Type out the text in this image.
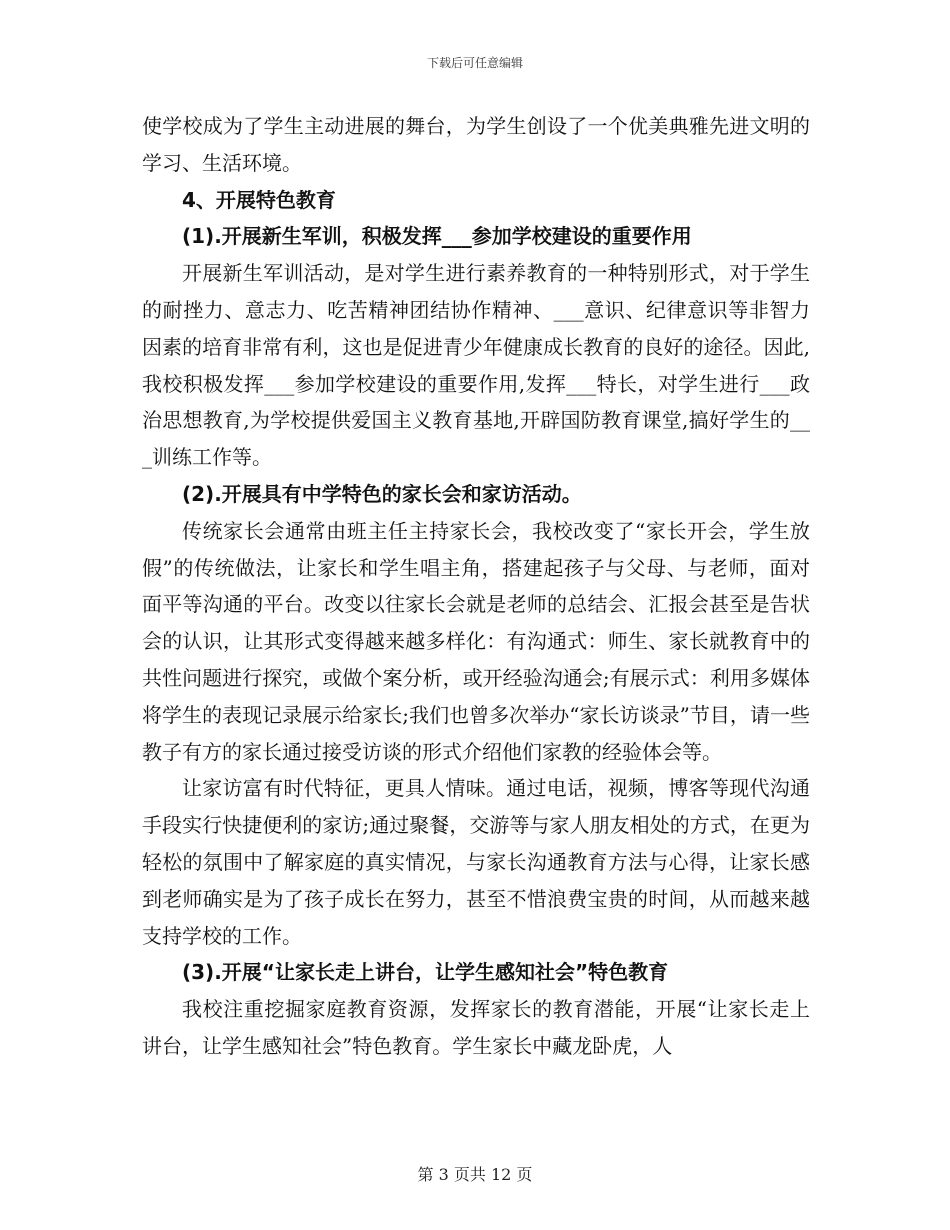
下载后可任意编辑

使学校成为了学生主动进展的舞台，为学生创设了一个优美典雅先进文明的学习、生活环境。

4、开展特色教育

(1).开展新生军训，积极发挥___参加学校建设的重要作用

开展新生军训活动，是对学生进行素养教育的一种特别形式，对于学生的耐挫力、意志力、吃苦精神团结协作精神、___意识、纪律意识等非智力因素的培育非常有利，这也是促进青少年健康成长教育的良好的途径。因此,我校积极发挥___参加学校建设的重要作用,发挥___特长，对学生进行___政治思想教育,为学校提供爱国主义教育基地,开辟国防教育课堂,搞好学生的___训练工作等。

(2).开展具有中学特色的家长会和家访活动。

传统家长会通常由班主任主持家长会，我校改变了“家长开会，学生放假”的传统做法，让家长和学生唱主角，搭建起孩子与父母、与老师，面对面平等沟通的平台。改变以往家长会就是老师的总结会、汇报会甚至是告状会的认识，让其形式变得越来越多样化：有沟通式：师生、家长就教育中的共性问题进行探究，或做个案分析，或开经验沟通会;有展示式：利用多媒体将学生的表现记录展示给家长;我们也曾多次举办“家长访谈录”节目，请一些教子有方的家长通过接受访谈的形式介绍他们家教的经验体会等。

让家访富有时代特征，更具人情味。通过电话，视频，博客等现代沟通手段实行快捷便利的家访;通过聚餐，交游等与家人朋友相处的方式，在更为轻松的氛围中了解家庭的真实情况，与家长沟通教育方法与心得，让家长感到老师确实是为了孩子成长在努力，甚至不惜浪费宝贵的时间，从而越来越支持学校的工作。

(3).开展“让家长走上讲台，让学生感知社会”特色教育

我校注重挖掘家庭教育资源，发挥家长的教育潜能，开展“让家长走上讲台，让学生感知社会”特色教育。学生家长中藏龙卧虎，人

第 3 页共 12 页
